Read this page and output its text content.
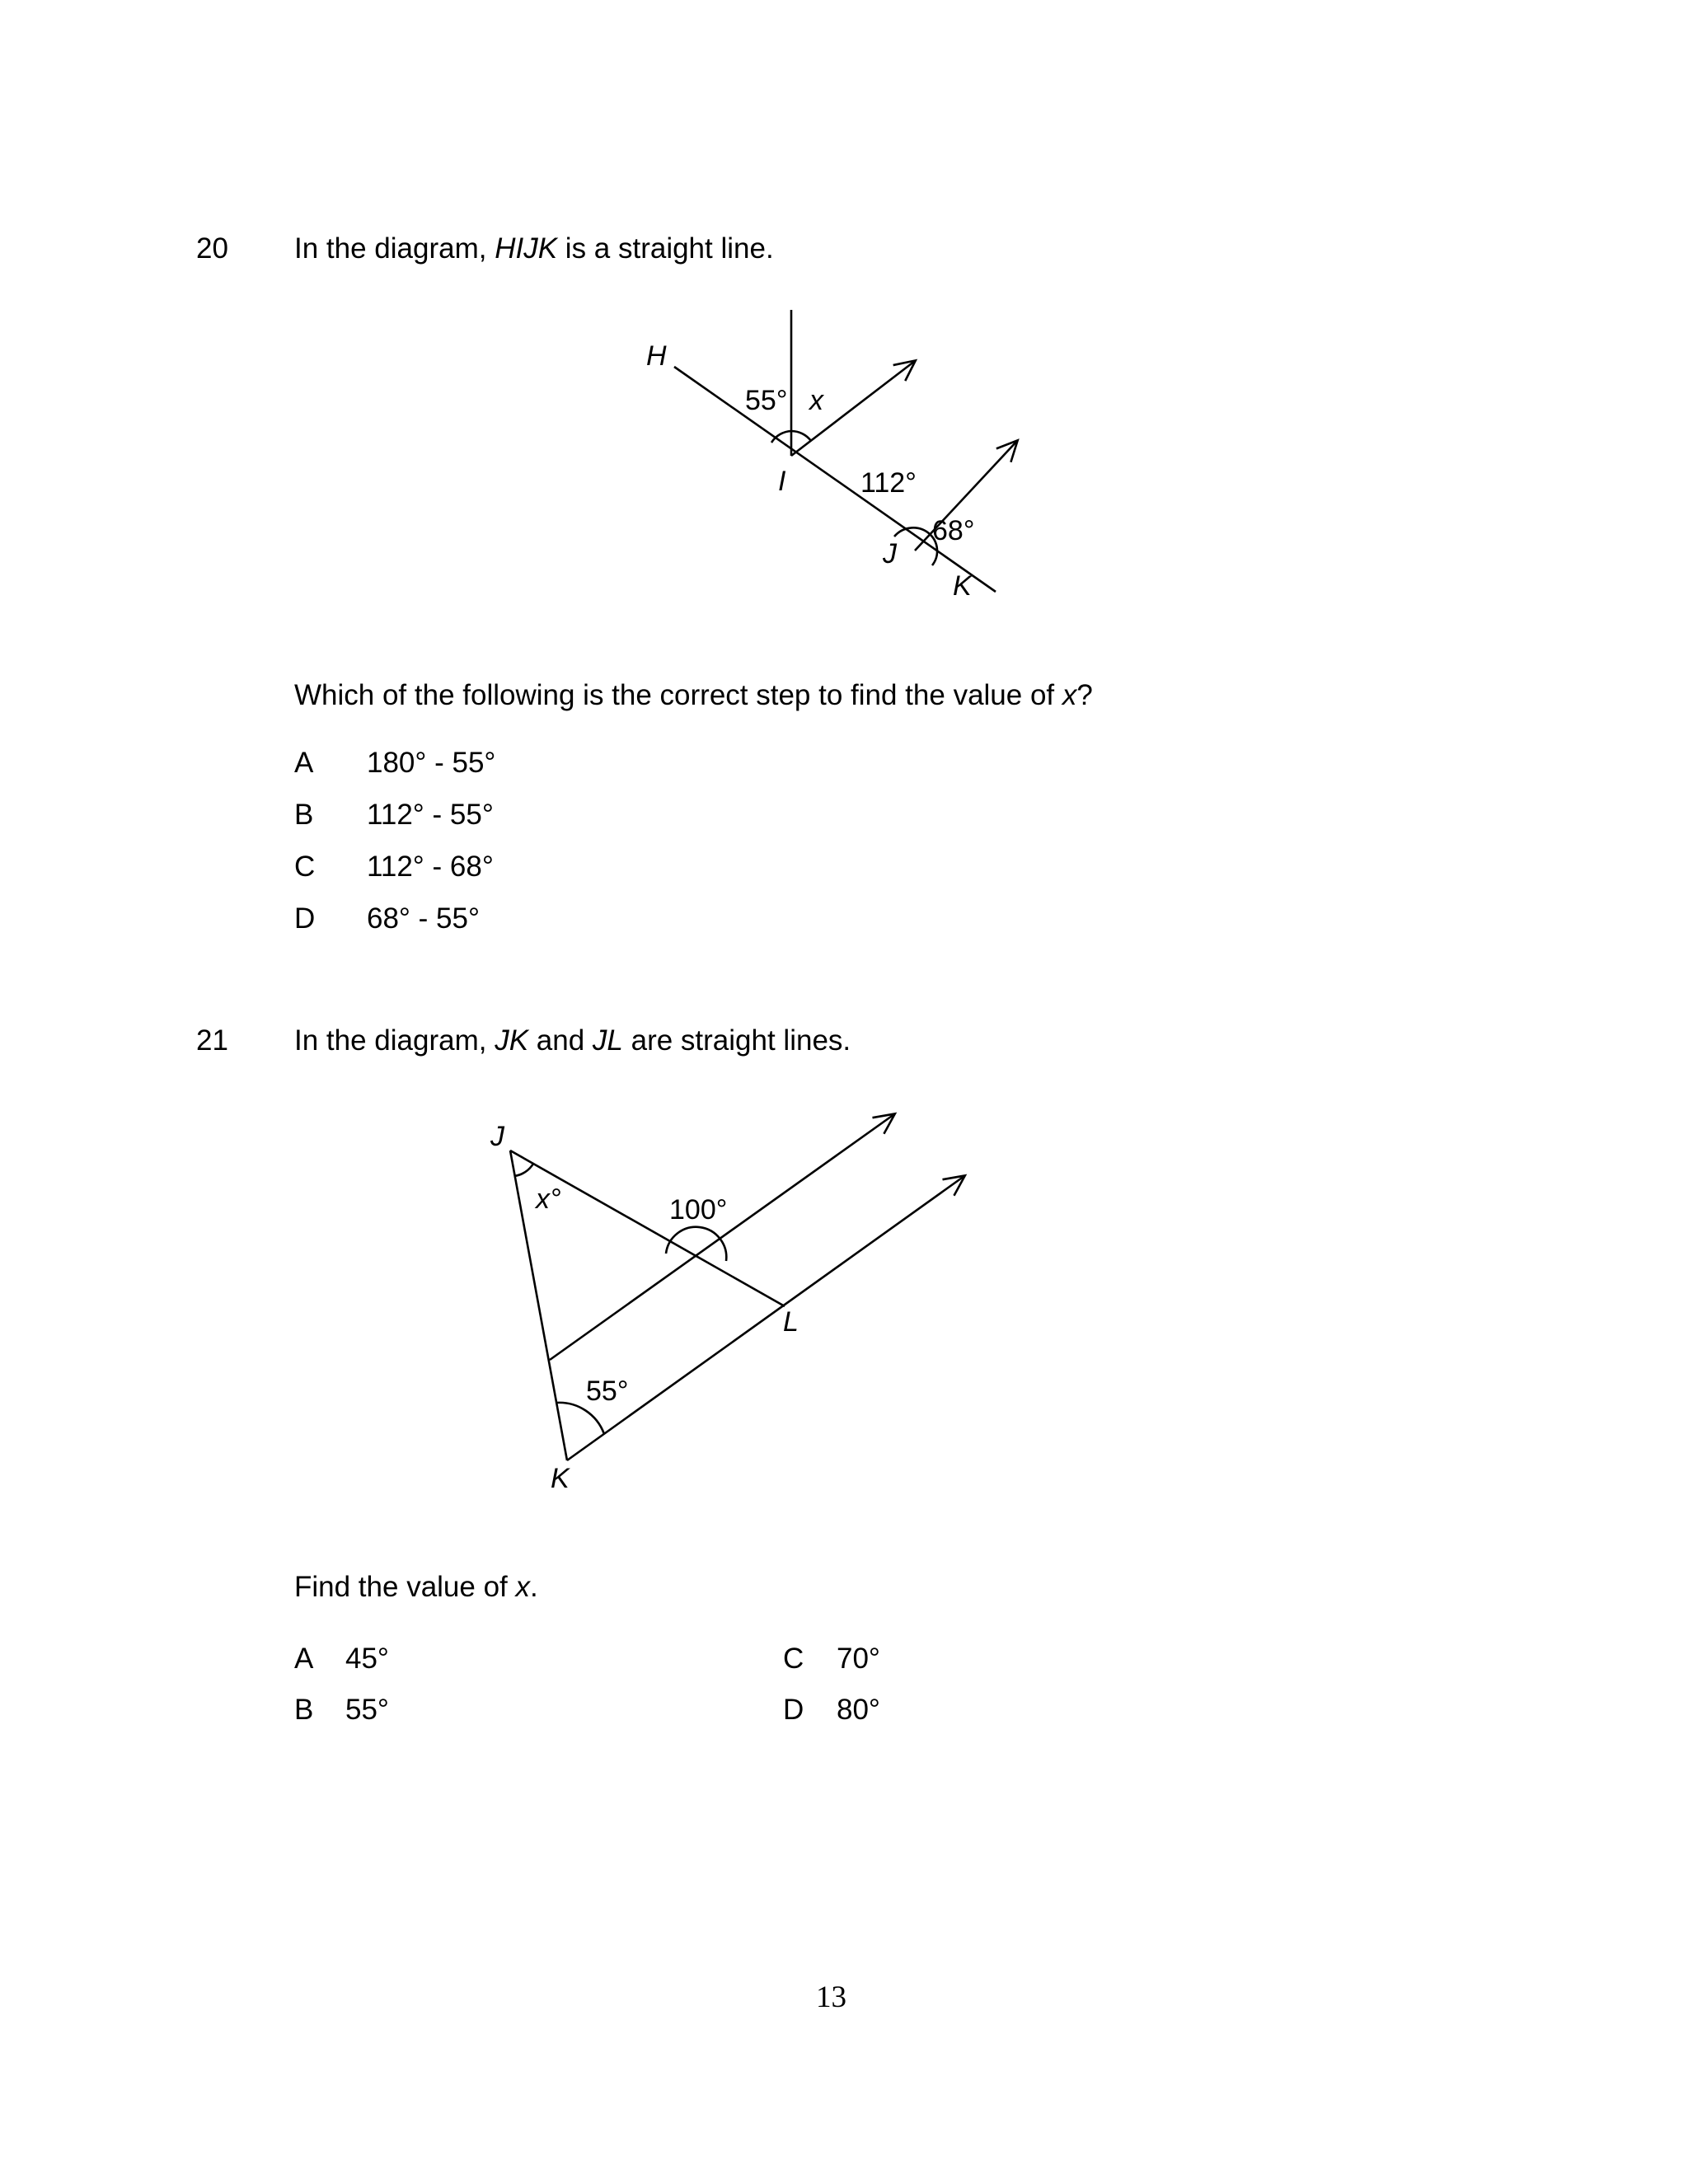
20 In the diagram, HIJK is a straight line.
H
55° x
I	112°
68°
J
K
Which of the following is the correct step to find the value of x?
A 180° - 55°
B 112° - 55°
C 112° - 68°
D 68° - 55°
21 In the diagram, JK and JL are straight lines.
J
x°	100°
L
55°
K
Find the value of x.
A 45°
B 55°
C 70°
D 80°
13
